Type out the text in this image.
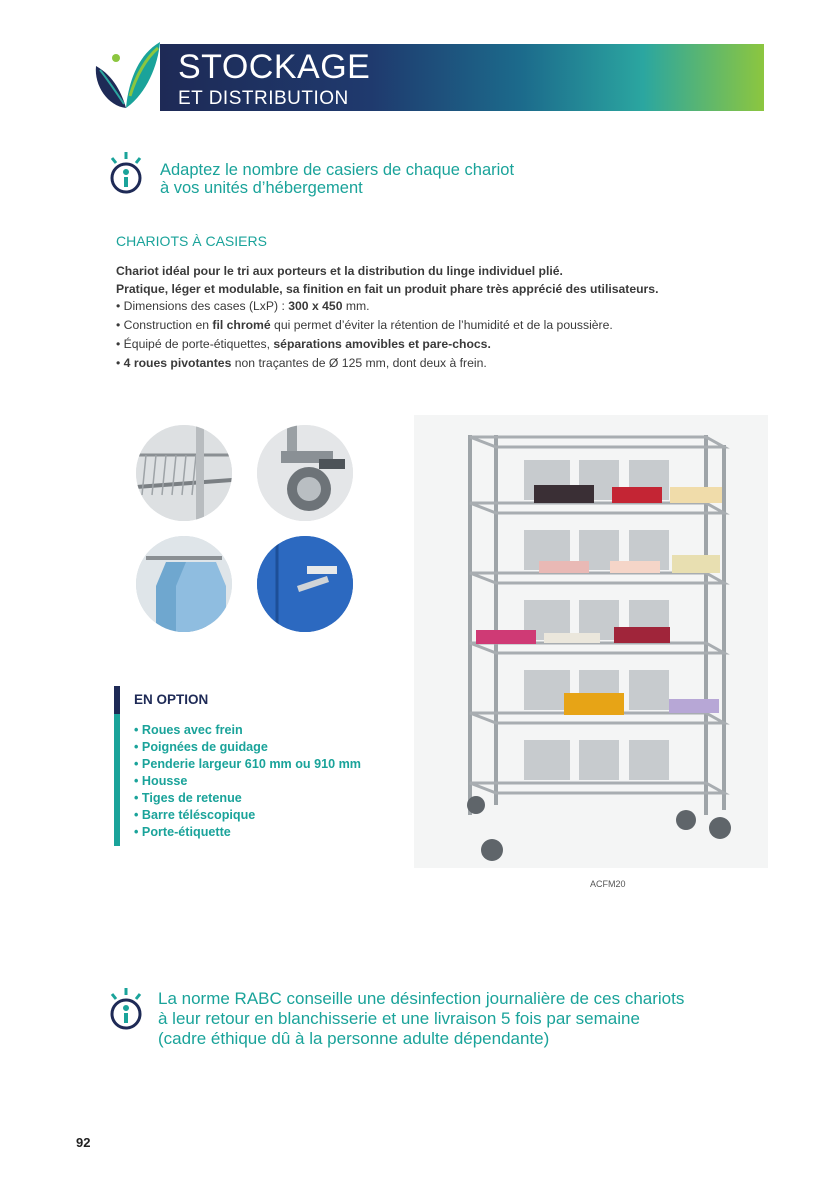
STOCKAGE
ET DISTRIBUTION
Adaptez le nombre de casiers de chaque chariot
à vos unités d’hébergement
CHARIOTS À CASIERS
Chariot idéal pour le tri aux porteurs et la distribution du linge individuel plié.
Pratique, léger et modulable, sa finition en fait un produit phare très apprécié des utilisateurs.
• Dimensions des cases (LxP) : 300 x 450 mm.
• Construction en fil chromé qui permet d’éviter la rétention de l’humidité et de la poussière.
• Équipé de porte-étiquettes, séparations amovibles et pare-chocs.
• 4 roues pivotantes non traçantes de Ø 125 mm, dont deux à frein.
EN OPTION
• Roues avec frein
• Poignées de guidage
• Penderie largeur 610 mm ou 910 mm
• Housse
• Tiges de retenue
• Barre téléscopique
• Porte-étiquette
ACFM20
La norme RABC conseille une désinfection journalière de ces chariots
à leur retour en blanchisserie et une livraison 5 fois par semaine
(cadre éthique dû à la personne adulte dépendante)
92
